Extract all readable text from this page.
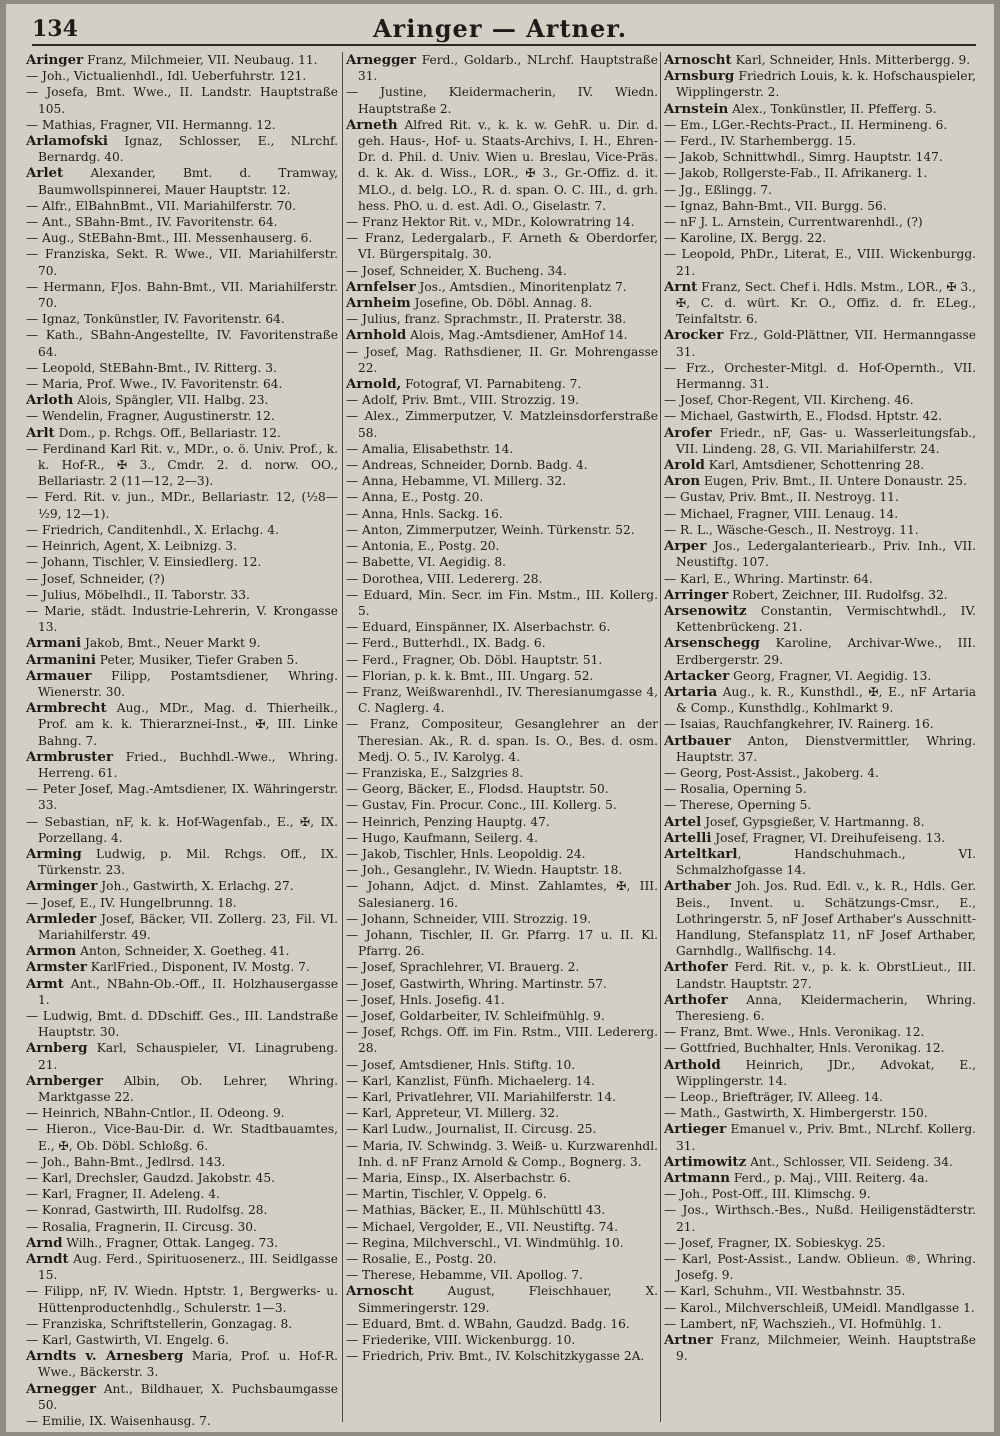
134	Aringer — Artner.

Aringer Franz, Milchmeier, VII. Neubaug. 11.

— Joh., Victualienhdl., Idl. Ueberfuhrstr. 121.

— Josefa, Bmt. Wwe., II. Landstr. Hauptstraße 105.

— Mathias, Fragner, VII. Hermanng. 12.

Arlamofski Ignaz, Schlosser, E., NLrchf. Bernardg. 40.

Arlet Alexander, Bmt. d. Tramway, Baumwollspinnerei, Mauer Hauptstr. 12.

— Alfr., ElBahnBmt., VII. Mariahilferstr. 70.

— Ant., SBahn-Bmt., IV. Favoritenstr. 64.

— Aug., StEBahn-Bmt., III. Messenhauserg. 6.

— Franziska, Sekt. R. Wwe., VII. Mariahilferstr. 70.

— Hermann, FJos. Bahn-Bmt., VII. Mariahilferstr. 70.

— Ignaz, Tonkünstler, IV. Favoritenstr. 64.

— Kath., SBahn-Angestellte, IV. Favoritenstraße 64.

— Leopold, StEBahn-Bmt., IV. Ritterg. 3.

— Maria, Prof. Wwe., IV. Favoritenstr. 64.

Arloth Alois, Spängler, VII. Halbg. 23.

— Wendelin, Fragner, Augustinerstr. 12.

Arlt Dom., p. Rchgs. Off., Bellariastr. 12.

— Ferdinand Karl Rit. v., MDr., o. ö. Univ. Prof., k. k. Hof-R., ✠ 3., Cmdr. 2. d. norw. OO., Bellariastr. 2 (11—12, 2—3).

— Ferd. Rit. v. jun., MDr., Bellariastr. 12, (½8—½9, 12—1).

— Friedrich, Canditenhdl., X. Erlachg. 4.

— Heinrich, Agent, X. Leibnizg. 3.

— Johann, Tischler, V. Einsiedlerg. 12.

— Josef, Schneider, (?)

— Julius, Möbelhdl., II. Taborstr. 33.

— Marie, städt. Industrie-Lehrerin, V. Krongasse 13.

Armani Jakob, Bmt., Neuer Markt 9.

Armanini Peter, Musiker, Tiefer Graben 5.

Armauer Filipp, Postamtsdiener, Whring. Wienerstr. 30.

Armbrecht Aug., MDr., Mag. d. Thierheilk., Prof. am k. k. Thierarznei-Inst., ✠, III. Linke Bahng. 7.

Armbruster Fried., Buchhdl.-Wwe., Whring. Herreng. 61.

— Peter Josef, Mag.-Amtsdiener, IX. Währingerstr. 33.

— Sebastian, nF, k. k. Hof-Wagenfab., E., ✠, IX. Porzellang. 4.

Arming Ludwig, p. Mil. Rchgs. Off., IX. Türkenstr. 23.

Arminger Joh., Gastwirth, X. Erlachg. 27.

— Josef, E., IV. Hungelbrunng. 18.

Armleder Josef, Bäcker, VII. Zollerg. 23, Fil. VI. Mariahilferstr. 49.

Armon Anton, Schneider, X. Goetheg. 41.

Armster KarlFried., Disponent, IV. Mostg. 7.

Armt Ant., NBahn-Ob.-Off., II. Holzhausergasse 1.

— Ludwig, Bmt. d. DDschiff. Ges., III. Landstraße Hauptstr. 30.

Arnberg Karl, Schauspieler, VI. Linagrubeng. 21.

Arnberger Albin, Ob. Lehrer, Whring. Marktgasse 22.

— Heinrich, NBahn-Cntlor., II. Odeong. 9.

— Hieron., Vice-Bau-Dir. d. Wr. Stadtbauamtes, E., ✠, Ob. Döbl. Schloßg. 6.

— Joh., Bahn-Bmt., Jedlrsd. 143.

— Karl, Drechsler, Gaudzd. Jakobstr. 45.

— Karl, Fragner, II. Adeleng. 4.

— Konrad, Gastwirth, III. Rudolfsg. 28.

— Rosalia, Fragnerin, II. Circusg. 30.

Arnd Wilh., Fragner, Ottak. Langeg. 73.

Arndt Aug. Ferd., Spirituosenerz., III. Seidlgasse 15.

— Filipp, nF, IV. Wiedn. Hptstr. 1, Bergwerks- u. Hüttenproductenhdlg., Schulerstr. 1—3.

— Franziska, Schriftstellerin, Gonzagag. 8.

— Karl, Gastwirth, VI. Engelg. 6.

Arndts v. Arnesberg Maria, Prof. u. Hof-R. Wwe., Bäckerstr. 3.

Arnegger Ant., Bildhauer, X. Puchsbaumgasse 50.

— Emilie, IX. Waisenhausg. 7.

Arnegger Ferd., Goldarb., NLrchf. Hauptstraße 31.

— Justine, Kleidermacherin, IV. Wiedn. Hauptstraße 2.

Arneth Alfred Rit. v., k. k. w. GehR. u. Dir. d. geh. Haus-, Hof- u. Staats-Archivs, I. H., Ehren-Dr. d. Phil. d. Univ. Wien u. Breslau, Vice-Präs. d. k. Ak. d. Wiss., LOR., ✠ 3., Gr.-Offiz. d. it. MLO., d. belg. LO., R. d. span. O. C. III., d. grh. hess. PhO. u. d. est. Adl. O., Giselastr. 7.

— Franz Hektor Rit. v., MDr., Kolowratring 14.

— Franz, Ledergalarb., F. Arneth & Oberdorfer, VI. Bürgerspitalg. 30.

— Josef, Schneider, X. Bucheng. 34.

Arnfelser Jos., Amtsdien., Minoritenplatz 7.

Arnheim Josefine, Ob. Döbl. Annag. 8.

— Julius, franz. Sprachmstr., II. Praterstr. 38.

Arnhold Alois, Mag.-Amtsdiener, AmHof 14.

— Josef, Mag. Rathsdiener, II. Gr. Mohrengasse 22.

Arnold, Fotograf, VI. Parnabiteng. 7.

— Adolf, Priv. Bmt., VIII. Strozzig. 19.

— Alex., Zimmerputzer, V. Matzleinsdorferstraße 58.

— Amalia, Elisabethstr. 14.

— Andreas, Schneider, Dornb. Badg. 4.

— Anna, Hebamme, VI. Millerg. 32.

— Anna, E., Postg. 20.

— Anna, Hnls. Sackg. 16.

— Anton, Zimmerputzer, Weinh. Türkenstr. 52.

— Antonia, E., Postg. 20.

— Babette, VI. Aegidig. 8.

— Dorothea, VIII. Ledererg. 28.

— Eduard, Min. Secr. im Fin. Mstm., III. Kollerg. 5.

— Eduard, Einspänner, IX. Alserbachstr. 6.

— Ferd., Butterhdl., IX. Badg. 6.

— Ferd., Fragner, Ob. Döbl. Hauptstr. 51.

— Florian, p. k. k. Bmt., III. Ungarg. 52.

— Franz, Weißwarenhdl., IV. Theresianumgasse 4, C. Naglerg. 4.

— Franz, Compositeur, Gesanglehrer an der Theresian. Ak., R. d. span. Is. O., Bes. d. osm. Medj. O. 5., IV. Karolyg. 4.

— Franziska, E., Salzgries 8.

— Georg, Bäcker, E., Flodsd. Hauptstr. 50.

— Gustav, Fin. Procur. Conc., III. Kollerg. 5.

— Heinrich, Penzing Hauptg. 47.

— Hugo, Kaufmann, Seilerg. 4.

— Jakob, Tischler, Hnls. Leopoldig. 24.

— Joh., Gesanglehr., IV. Wiedn. Hauptstr. 18.

— Johann, Adjct. d. Minst. Zahlamtes, ✠, III. Salesianerg. 16.

— Johann, Schneider, VIII. Strozzig. 19.

— Johann, Tischler, II. Gr. Pfarrg. 17 u. II. Kl. Pfarrg. 26.

— Josef, Sprachlehrer, VI. Brauerg. 2.

— Josef, Gastwirth, Whring. Martinstr. 57.

— Josef, Hnls. Josefig. 41.

— Josef, Goldarbeiter, IV. Schleifmühlg. 9.

— Josef, Rchgs. Off. im Fin. Rstm., VIII. Ledererg. 28.

— Josef, Amtsdiener, Hnls. Stiftg. 10.

— Karl, Kanzlist, Fünfh. Michaelerg. 14.

— Karl, Privatlehrer, VII. Mariahilferstr. 14.

— Karl, Appreteur, VI. Millerg. 32.

— Karl Ludw., Journalist, II. Circusg. 25.

— Maria, IV. Schwindg. 3. Weiß- u. Kurzwarenhdl. Inh. d. nF Franz Arnold & Comp., Bognerg. 3.

— Maria, Einsp., IX. Alserbachstr. 6.

— Martin, Tischler, V. Oppelg. 6.

— Mathias, Bäcker, E., II. Mühlschüttl 43.

— Michael, Vergolder, E., VII. Neustiftg. 74.

— Regina, Milchverschl., VI. Windmühlg. 10.

— Rosalie, E., Postg. 20.

— Therese, Hebamme, VII. Apollog. 7.

Arnoscht August, Fleischhauer, X. Simmeringerstr. 129.

— Eduard, Bmt. d. WBahn, Gaudzd. Badg. 16.

— Friederike, VIII. Wickenburgg. 10.

— Friedrich, Priv. Bmt., IV. Kolschitzkygasse 2A.

Arnoscht Karl, Schneider, Hnls. Mitterbergg. 9.

Arnsburg Friedrich Louis, k. k. Hofschauspieler, Wipplingerstr. 2.

Arnstein Alex., Tonkünstler, II. Pfefferg. 5.

— Em., LGer.-Rechts-Pract., II. Hermineng. 6.

— Ferd., IV. Starhembergg. 15.

— Jakob, Schnittwhdl., Simrg. Hauptstr. 147.

— Jakob, Rollgerste-Fab., II. Afrikanerg. 1.

— Jg., Eßlingg. 7.

— Ignaz, Bahn-Bmt., VII. Burgg. 56.

— nF J. L. Arnstein, Currentwarenhdl., (?)

— Karoline, IX. Bergg. 22.

— Leopold, PhDr., Literat, E., VIII. Wickenburgg. 21.

Arnt Franz, Sect. Chef i. Hdls. Mstm., LOR., ✠ 3., ✠, C. d. würt. Kr. O., Offiz. d. fr. ELeg., Teinfaltstr. 6.

Arocker Frz., Gold-Plättner, VII. Hermanngasse 31.

— Frz., Orchester-Mitgl. d. Hof-Opernth., VII. Hermanng. 31.

— Josef, Chor-Regent, VII. Kircheng. 46.

— Michael, Gastwirth, E., Flodsd. Hptstr. 42.

Arofer Friedr., nF, Gas- u. Wasserleitungsfab., VII. Lindeng. 28, G. VII. Mariahilferstr. 24.

Arold Karl, Amtsdiener, Schottenring 28.

Aron Eugen, Priv. Bmt., II. Untere Donaustr. 25.

— Gustav, Priv. Bmt., II. Nestroyg. 11.

— Michael, Fragner, VIII. Lenaug. 14.

— R. L., Wäsche-Gesch., II. Nestroyg. 11.

Arper Jos., Ledergalanteriearb., Priv. Inh., VII. Neustiftg. 107.

— Karl, E., Whring. Martinstr. 64.

Arringer Robert, Zeichner, III. Rudolfsg. 32.

Arsenowitz Constantin, Vermischtwhdl., IV. Kettenbrückeng. 21.

Arsenschegg Karoline, Archivar-Wwe., III. Erdbergerstr. 29.

Artacker Georg, Fragner, VI. Aegidig. 13.

Artaria Aug., k. R., Kunsthdl., ✠, E., nF Artaria & Comp., Kunsthdlg., Kohlmarkt 9.

— Isaias, Rauchfangkehrer, IV. Rainerg. 16.

Artbauer Anton, Dienstvermittler, Whring. Hauptstr. 37.

— Georg, Post-Assist., Jakoberg. 4.

— Rosalia, Operning 5.

— Therese, Operning 5.

Artel Josef, Gypsgießer, V. Hartmanng. 8.

Artelli Josef, Fragner, VI. Dreihufeiseng. 13.

Arteltkarl, Handschuhmach., VI. Schmalzhofgasse 14.

Arthaber Joh. Jos. Rud. Edl. v., k. R., Hdls. Ger. Beis., Invent. u. Schätzungs-Cmsr., E., Lothringerstr. 5, nF Josef Arthaber's Ausschnitt-Handlung, Stefansplatz 11, nF Josef Arthaber, Garnhdlg., Wallfischg. 14.

Arthofer Ferd. Rit. v., p. k. k. ObrstLieut., III. Landstr. Hauptstr. 27.

Arthofer Anna, Kleidermacherin, Whring. Theresieng. 6.

— Franz, Bmt. Wwe., Hnls. Veronikag. 12.

— Gottfried, Buchhalter, Hnls. Veronikag. 12.

Arthold Heinrich, JDr., Advokat, E., Wipplingerstr. 14.

— Leop., Briefträger, IV. Alleeg. 14.

— Math., Gastwirth, X. Himbergerstr. 150.

Artieger Emanuel v., Priv. Bmt., NLrchf. Kollerg. 31.

Artimowitz Ant., Schlosser, VII. Seideng. 34.

Artmann Ferd., p. Maj., VIII. Reiterg. 4a.

— Joh., Post-Off., III. Klimschg. 9.

— Jos., Wirthsch.-Bes., Nußd. Heiligenstädterstr. 21.

— Josef, Fragner, IX. Sobieskyg. 25.

— Karl, Post-Assist., Landw. Oblieun. ®, Whring. Josefg. 9.

— Karl, Schuhm., VII. Westbahnstr. 35.

— Karol., Milchverschleiß, UMeidl. Mandlgasse 1.

— Lambert, nF, Wachszieh., VI. Hofmühlg. 1.

Artner Franz, Milchmeier, Weinh. Hauptstraße 9.
